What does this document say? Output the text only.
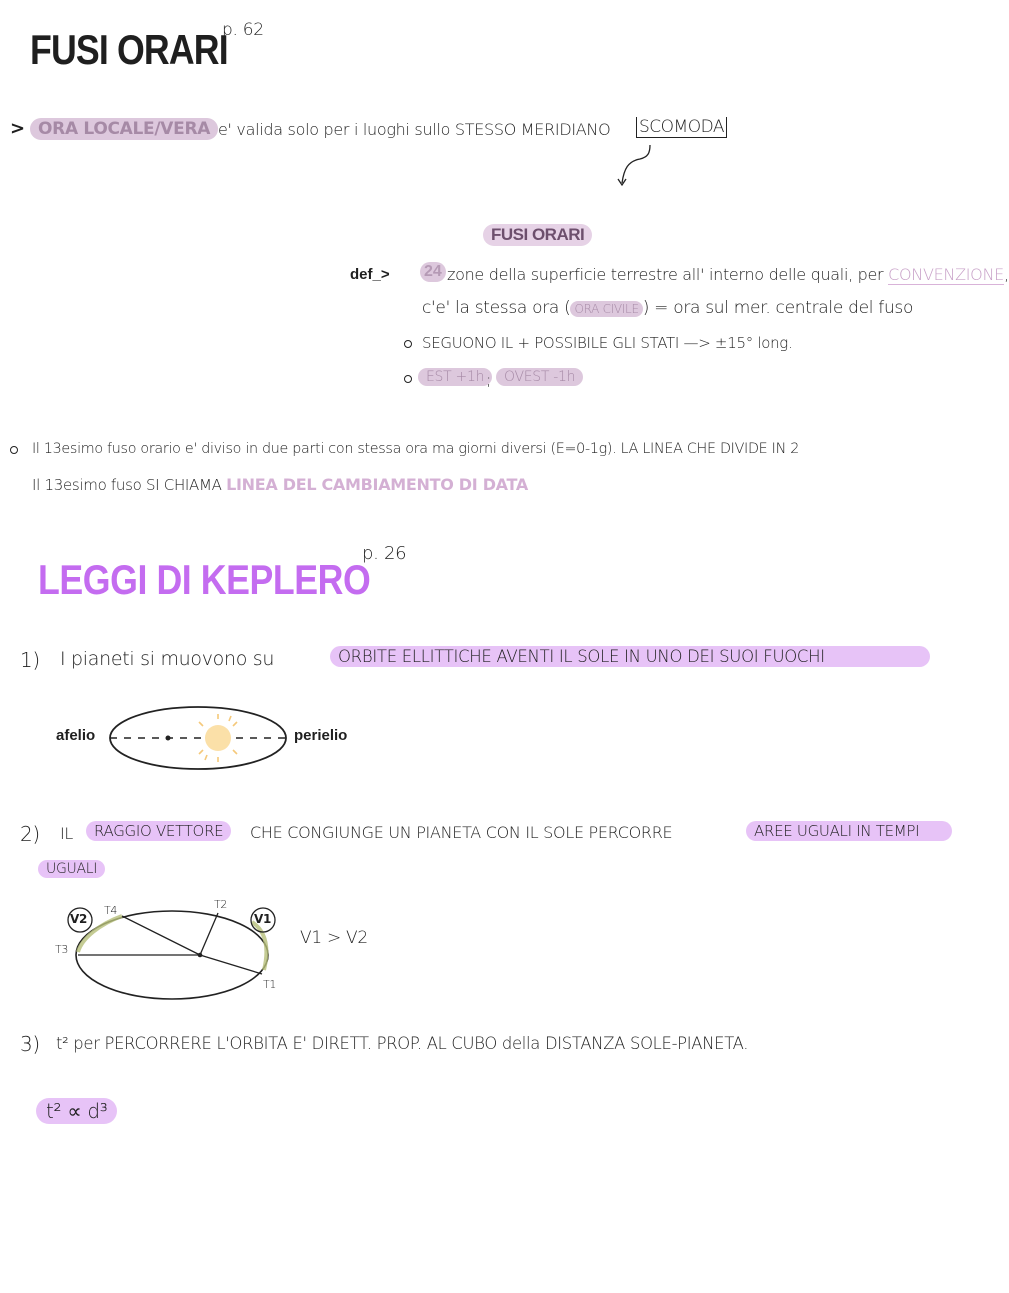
FUSI ORARI
p. 62
> ORA LOCALE/VERA e' valida solo per i luoghi sullo STESSO MERIDIANO SCOMODA
FUSI ORARI
def_> 24 zone della superficie terrestre all' interno delle quali, per CONVENZIONE,
c'e' la stessa ora ( ORA CIVILE ) = ora sul mer. centrale del fuso
SEGUONO IL + POSSIBILE GLI STATI —> ±15° long.
EST +1h ; OVEST -1h
Il 13esimo fuso orario e' diviso in due parti con stessa ora ma giorni diversi (E=0-1g). LA LINEA CHE DIVIDE IN 2
Il 13esimo fuso SI CHIAMA LINEA DEL CAMBIAMENTO DI DATA
LEGGI DI KEPLERO
p. 26
1) I pianeti si muovono su	ORBITE ELLITTICHE AVENTI IL SOLE IN UNO DEI SUOI FUOCHI
afelio	perielio
2) IL	RAGGIO VETTORE	CHE CONGIUNGE UN PIANETA CON IL SOLE PERCORRE	AREE UGUALI IN TEMPI
UGUALI
V2	V1
T4	T2
T3
T1
V1 > V2
3) t² per PERCORRERE L'ORBITA E' DIRETT. PROP. AL CUBO della DISTANZA SOLE-PIANETA.
t² ∝ d³
